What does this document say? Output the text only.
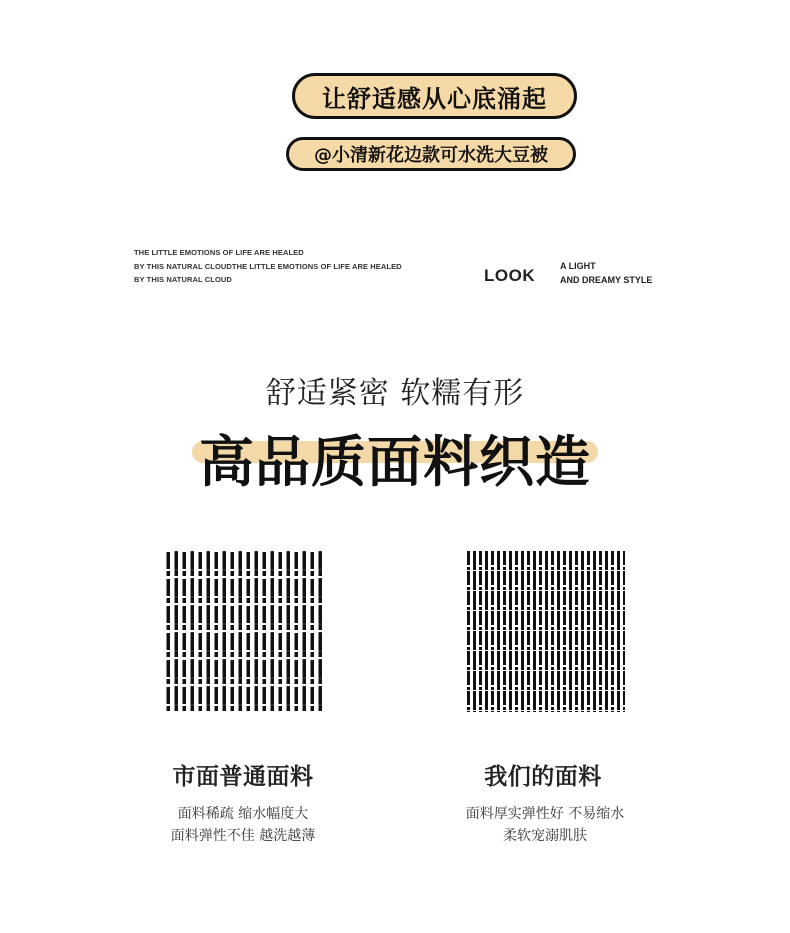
让舒适感从心底涌起
@小清新花边款可水洗大豆被
THE LITTLE EMOTIONS OF LIFE ARE HEALED
BY THIS NATURAL CLOUDTHE LITTLE EMOTIONS OF LIFE ARE HEALED
BY THIS NATURAL CLOUD	LOOK	A LIGHT
AND DREAMY STYLE
舒适紧密 软糯有形
高品质面料织造
市面普通面料
面料稀疏 缩水幅度大
面料弹性不佳 越洗越薄
我们的面料
面料厚实弹性好 不易缩水
柔软宠溺肌肤
